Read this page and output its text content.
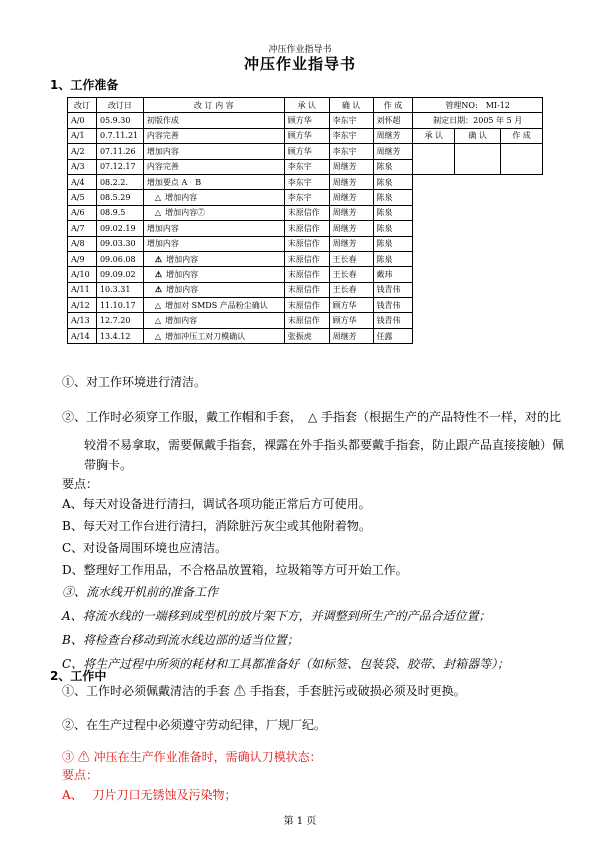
冲压作业指导书
冲压作业指导书
1、工作准备
改订	改订日	改 订 内 容	承 认	确 认	作 成	管理NO:　MI-12		
A/0	05.9.30	初版作成	顾方华	李东宇	刘怀超	制定日期：2005 年 5 月		
A/1	0.7.11.21	内容完善	顾方华	李东宇	周继芳	承 认	确 认	作 成
A/2	07.11.26	增加内容	顾方华	李东宇	周继芳			
A/3	07.12.17	内容完善	李东宇	周继芳	陈泉			
A/4	08.2.2.	增加要点 A　B	李东宇	周继芳	陈泉			
A/5	08.5.29	△ 增加内容	李东宇	周继芳	陈泉			
A/6	08.9.5	△ 增加内容⑦	末原信作	周继芳	陈泉			
A/7	09.02.19	增加内容	末原信作	周继芳	陈泉			
A/8	09.03.30	增加内容	末原信作	周继芳	陈泉			
A/9	09.06.08	⚠ 增加内容	末原信作	王长春	陈泉			
A/10	09.09.02	⚠ 增加内容	末原信作	王长春	戴玮			
A/11	10.3.31	⚠ 增加内容	末原信作	王长春	钱青伟			
A/12	11.10.17	△ 增加对 SMDS 产品粉尘确认	末原信作	顾方华	钱青伟			
A/13	12.7.20	△ 增加内容	末原信作	顾方华	钱青伟			
A/14	13.4.12	△ 增加冲压工对刀模确认	张振虎	周继芳	任露			
①、对工作环境进行清洁。
②、工作时必须穿工作服，戴工作帽和手套，　△ 手指套（根据生产的产品特性不一样，对的比
较滑不易拿取，需要佩戴手指套，裸露在外手指头都要戴手指套，防止跟产品直接接触）佩
带胸卡。
要点：
A、每天对设备进行清扫，调试各项功能正常后方可使用。
B、每天对工作台进行清扫，消除脏污灰尘或其他附着物。
C、对设备周围环境也应清洁。
D、整理好工作用品，不合格品放置箱，垃圾箱等方可开始工作。
③、流水线开机前的准备工作
A、将流水线的一端移到成型机的放片架下方，并调整到所生产的产品合适位置；
B、将检查台移动到流水线边部的适当位置；
C、将生产过程中所须的耗材和工具都准备好（如标签、包装袋、胶带、封箱器等）；
2、工作中
①、工作时必须佩戴清洁的手套 ⚠ 手指套，手套脏污或破损必须及时更换。
②、在生产过程中必须遵守劳动纪律，厂规厂纪。
③ ⚠ 冲压在生产作业准备时，需确认刀模状态：
要点：
A、　 刀片刀口无锈蚀及污染物；
第 1 页
